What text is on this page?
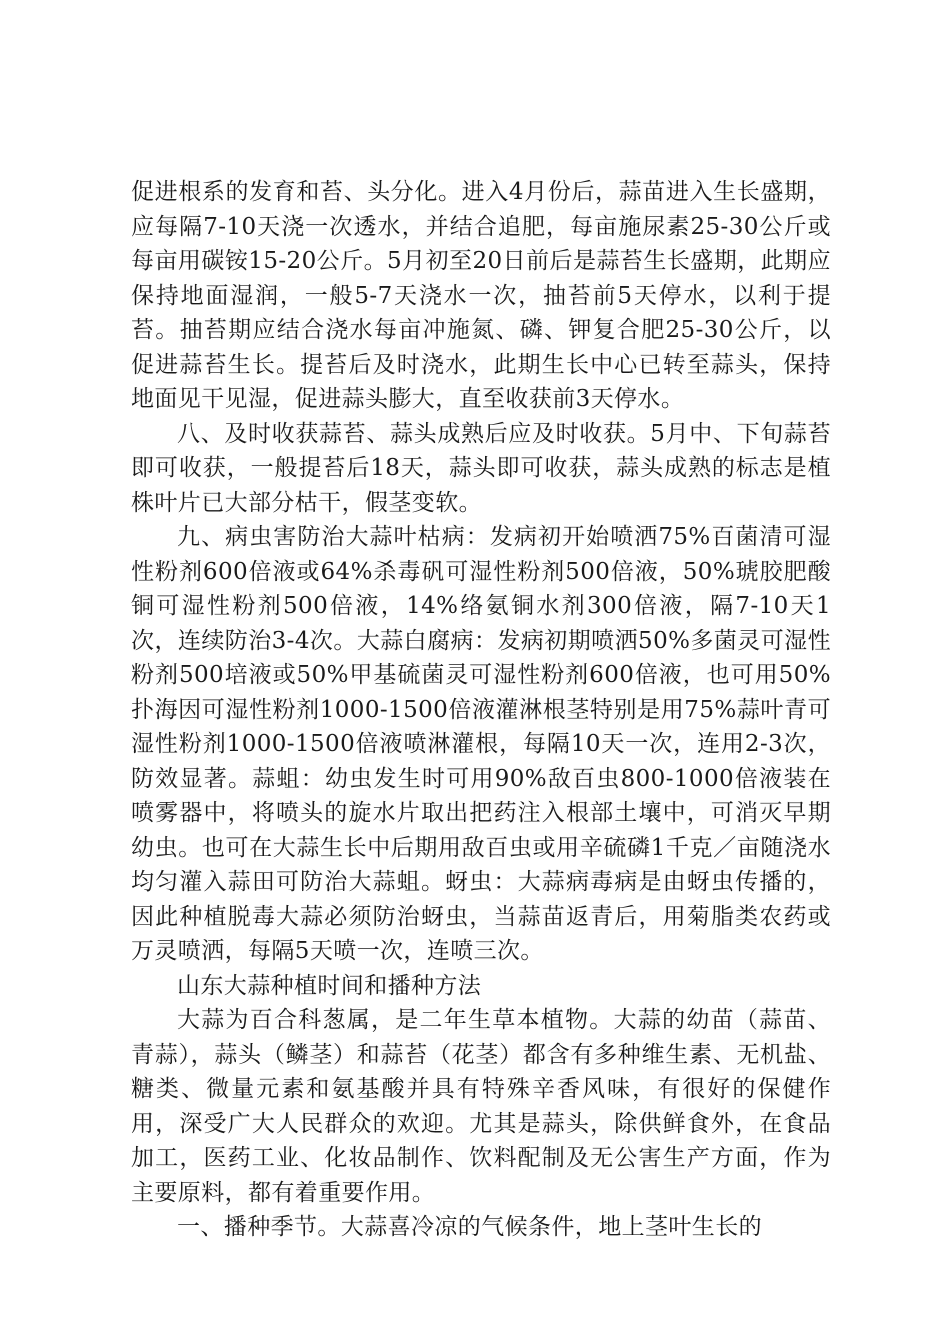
促进根系的发育和苔、头分化。进入4月份后，蒜苗进入生长盛期，应每隔7-10天浇一次透水，并结合追肥，每亩施尿素25-30公斤或每亩用碳铵15-20公斤。5月初至20日前后是蒜苔生长盛期，此期应保持地面湿润，一般5-7天浇水一次，抽苔前5天停水，以利于提苔。抽苔期应结合浇水每亩冲施氮、磷、钾复合肥25-30公斤，以促进蒜苔生长。提苔后及时浇水，此期生长中心已转至蒜头，保持地面见干见湿，促进蒜头膨大，直至收获前3天停水。

八、及时收获蒜苔、蒜头成熟后应及时收获。5月中、下旬蒜苔即可收获，一般提苔后18天，蒜头即可收获，蒜头成熟的标志是植株叶片已大部分枯干，假茎变软。

九、病虫害防治大蒜叶枯病：发病初开始喷洒75%百菌清可湿性粉剂600倍液或64%杀毒矾可湿性粉剂500倍液，50%琥胶肥酸铜可湿性粉剂500倍液，14%络氨铜水剂300倍液，隔7-10天1次，连续防治3-4次。大蒜白腐病：发病初期喷洒50%多菌灵可湿性粉剂500培液或50%甲基硫菌灵可湿性粉剂600倍液，也可用50%扑海因可湿性粉剂1000-1500倍液灌淋根茎特别是用75%蒜叶青可湿性粉剂1000-1500倍液喷淋灌根，每隔10天一次，连用2-3次，防效显著。蒜蛆：幼虫发生时可用90%敌百虫800-1000倍液装在喷雾器中，将喷头的旋水片取出把药注入根部土壤中，可消灭早期幼虫。也可在大蒜生长中后期用敌百虫或用辛硫磷1千克／亩随浇水均匀灌入蒜田可防治大蒜蛆。蚜虫：大蒜病毒病是由蚜虫传播的，因此种植脱毒大蒜必须防治蚜虫，当蒜苗返青后，用菊脂类农药或万灵喷洒，每隔5天喷一次，连喷三次。

山东大蒜种植时间和播种方法

大蒜为百合科葱属，是二年生草本植物。大蒜的幼苗（蒜苗、青蒜），蒜头（鳞茎）和蒜苔（花茎）都含有多种维生素、无机盐、糖类、微量元素和氨基酸并具有特殊辛香风味，有很好的保健作用，深受广大人民群众的欢迎。尤其是蒜头，除供鲜食外，在食品加工，医药工业、化妆品制作、饮料配制及无公害生产方面，作为主要原料，都有着重要作用。

一、播种季节。大蒜喜冷凉的气候条件，地上茎叶生长的
